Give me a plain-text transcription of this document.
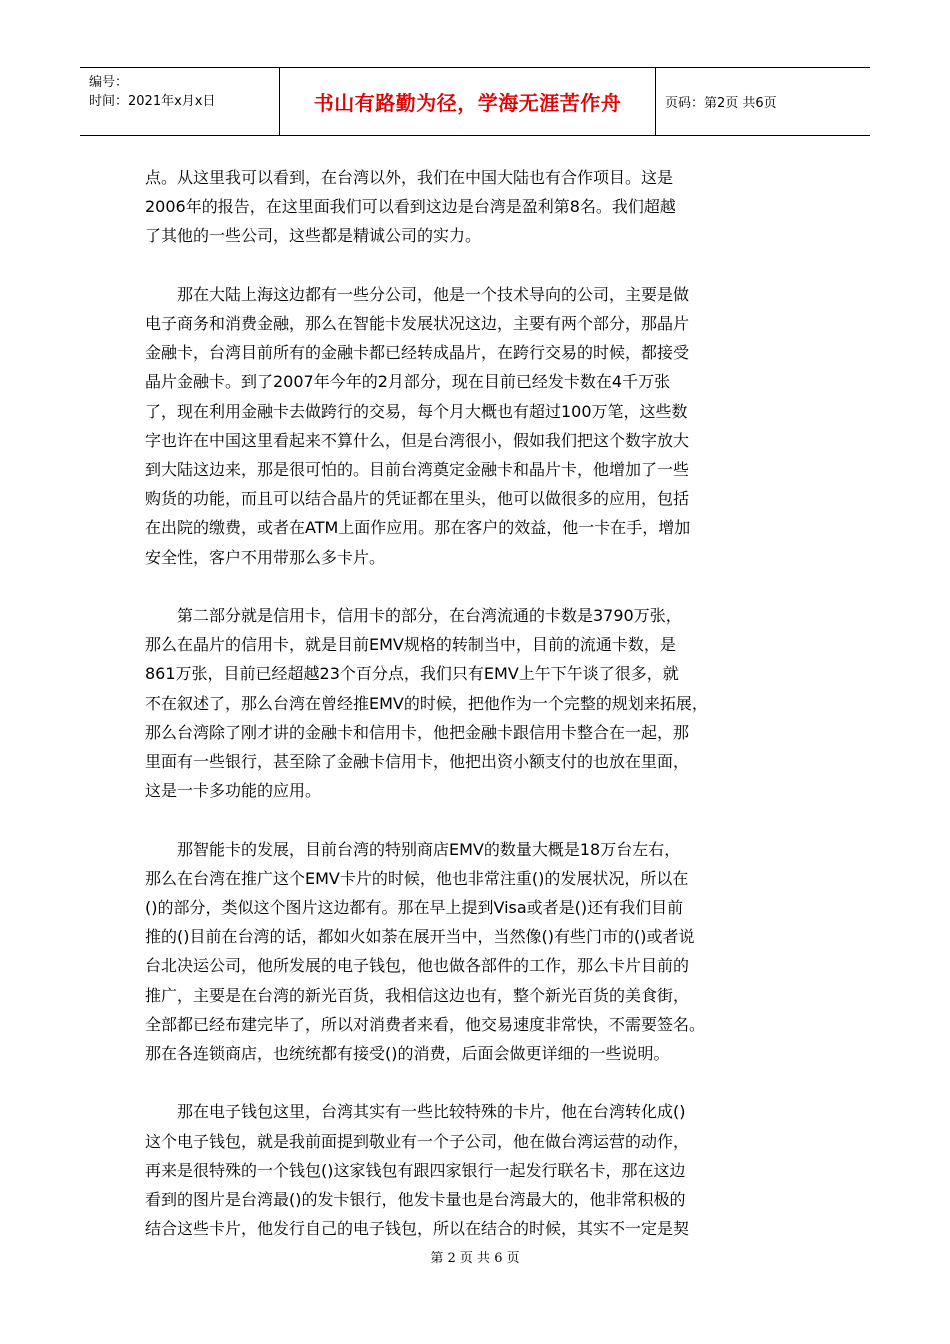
编号：
时间：2021年x月x日	书山有路勤为径，学海无涯苦作舟	页码：第2页 共6页

点。从这里我可以看到，在台湾以外，我们在中国大陆也有合作项目。这是
2006年的报告，在这里面我们可以看到这边是台湾是盈利第8名。我们超越
了其他的一些公司，这些都是精诚公司的实力。

　　那在大陆上海这边都有一些分公司，他是一个技术导向的公司，主要是做
电子商务和消费金融，那么在智能卡发展状况这边，主要有两个部分，那晶片
金融卡，台湾目前所有的金融卡都已经转成晶片，在跨行交易的时候，都接受
晶片金融卡。到了2007年今年的2月部分，现在目前已经发卡数在4千万张
了，现在利用金融卡去做跨行的交易，每个月大概也有超过100万笔，这些数
字也许在中国这里看起来不算什么，但是台湾很小，假如我们把这个数字放大
到大陆这边来，那是很可怕的。目前台湾奠定金融卡和晶片卡，他增加了一些
购货的功能，而且可以结合晶片的凭证都在里头，他可以做很多的应用，包括
在出院的缴费，或者在ATM上面作应用。那在客户的效益，他一卡在手，增加
安全性，客户不用带那么多卡片。

　　第二部分就是信用卡，信用卡的部分，在台湾流通的卡数是3790万张，
那么在晶片的信用卡，就是目前EMV规格的转制当中，目前的流通卡数，是
861万张，目前已经超越23个百分点，我们只有EMV上午下午谈了很多，就
不在叙述了，那么台湾在曾经推EMV的时候，把他作为一个完整的规划来拓展，
那么台湾除了刚才讲的金融卡和信用卡，他把金融卡跟信用卡整合在一起，那
里面有一些银行，甚至除了金融卡信用卡，他把出资小额支付的也放在里面，
这是一卡多功能的应用。

　　那智能卡的发展，目前台湾的特别商店EMV的数量大概是18万台左右，
那么在台湾在推广这个EMV卡片的时候，他也非常注重()的发展状况，所以在
()的部分，类似这个图片这边都有。那在早上提到Visa或者是()还有我们目前
推的()目前在台湾的话，都如火如荼在展开当中，当然像()有些门市的()或者说
台北决运公司，他所发展的电子钱包，他也做各部件的工作，那么卡片目前的
推广，主要是在台湾的新光百货，我相信这边也有，整个新光百货的美食街，
全部都已经布建完毕了，所以对消费者来看，他交易速度非常快，不需要签名。
那在各连锁商店，也统统都有接受()的消费，后面会做更详细的一些说明。

　　那在电子钱包这里，台湾其实有一些比较特殊的卡片，他在台湾转化成()
这个电子钱包，就是我前面提到敬业有一个子公司，他在做台湾运营的动作，
再来是很特殊的一个钱包()这家钱包有跟四家银行一起发行联名卡，那在这边
看到的图片是台湾最()的发卡银行，他发卡量也是台湾最大的，他非常积极的
结合这些卡片，他发行自己的电子钱包，所以在结合的时候，其实不一定是契

第 2 页 共 6 页
